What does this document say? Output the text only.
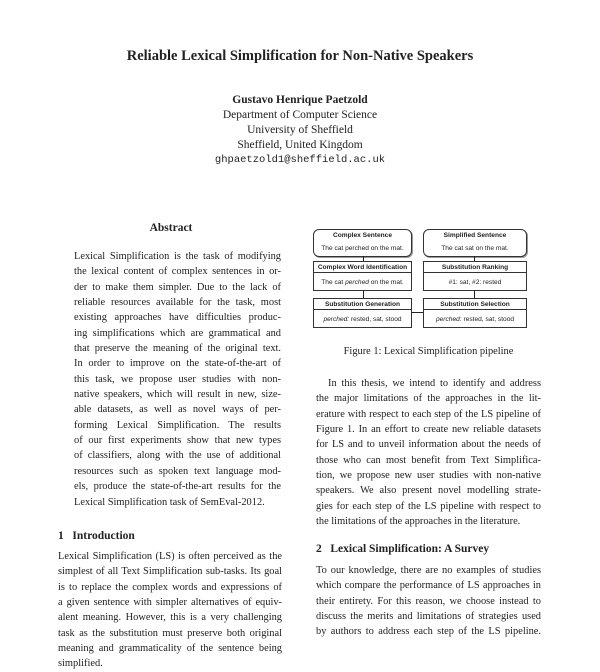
Reliable Lexical Simplification for Non-Native Speakers
Gustavo Henrique Paetzold
Department of Computer Science
University of Sheffield
Sheffield, United Kingdom
ghpaetzold1@sheffield.ac.uk
Abstract
Lexical Simplification is the task of modifying
the lexical content of complex sentences in or-
der to make them simpler. Due to the lack of
reliable resources available for the task, most
existing approaches have difficulties produc-
ing simplifications which are grammatical and
that preserve the meaning of the original text.
In order to improve on the state-of-the-art of
this task, we propose user studies with non-
native speakers, which will result in new, size-
able datasets, as well as novel ways of per-
forming Lexical Simplification. The results
of our first experiments show that new types
of classifiers, along with the use of additional
resources such as spoken text language mod-
els, produce the state-of-the-art results for the
Lexical Simplification task of SemEval-2012.
1   Introduction
Lexical Simplification (LS) is often perceived as the
simplest of all Text Simplification sub-tasks. Its goal
is to replace the complex words and expressions of
a given sentence with simpler alternatives of equiv-
alent meaning. However, this is a very challenging
task as the substitution must preserve both original
meaning and grammaticality of the sentence being
simplified.
Complex Sentence
The cat perched on the mat.
Complex Word Identification
The cat perched on the mat.
Substitution Generation
perched: rested, sat, stood
Substitution Selection
perched: rested, sat, stood
Substitution Ranking
#1: sat, #2: rested
Simplified Sentence
The cat sat on the mat.
Figure 1: Lexical Simplification pipeline
In this thesis, we intend to identify and address
the major limitations of the approaches in the lit-
erature with respect to each step of the LS pipeline of
Figure 1. In an effort to create new reliable datasets
for LS and to unveil information about the needs of
those who can most benefit from Text Simplifica-
tion, we propose new user studies with non-native
speakers. We also present novel modelling strate-
gies for each step of the LS pipeline with respect to
the limitations of the approaches in the literature.
2   Lexical Simplification: A Survey
To our knowledge, there are no examples of studies
which compare the performance of LS approaches in
their entirety. For this reason, we choose instead to
discuss the merits and limitations of strategies used
by authors to address each step of the LS pipeline.
